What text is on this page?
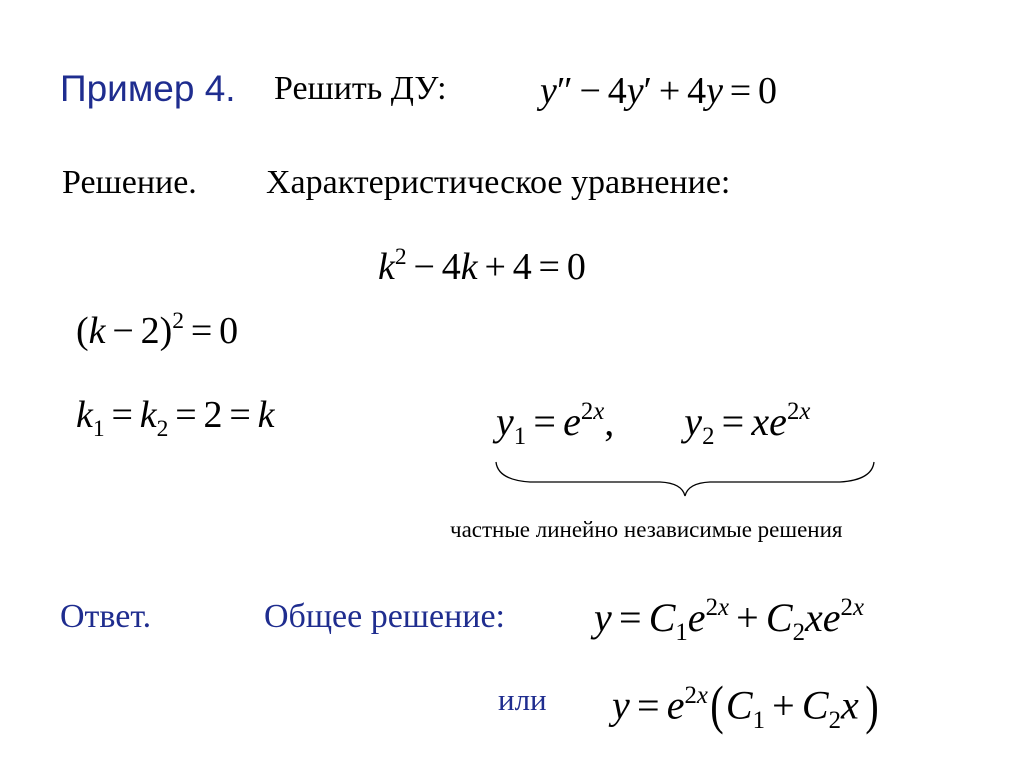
Пример 4. Решить ДУ: y″ − 4y′ + 4y = 0
Решение. Характеристическое уравнение:
$k^2 - 4k + 4 = 0$
$(k - 2)^2 = 0$
$k_1 = k_2 = 2 = k$	$y_1 = e^{2x}$, $y_2 = xe^{2x}$
частные линейно независимые решения
Ответ.	Общее решение: $y = C_1e^{2x} + C_2xe^{2x}$
или $y = e^{2x}(C_1 + C_2x$ )
